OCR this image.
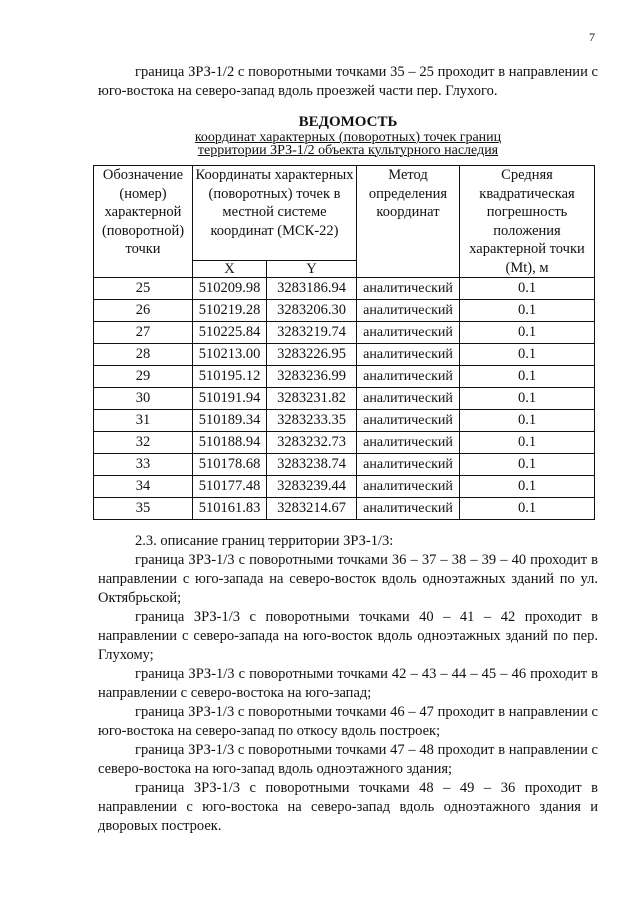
7

граница ЗРЗ-1/2 с поворотными точками 35 – 25 проходит в направлении с юго-востока на северо-запад вдоль проезжей части пер. Глухого.

ВЕДОМОСТЬ
координат характерных (поворотных) точек границ
территории ЗРЗ-1/2 объекта культурного наследия
Обозначение (номер) характерной (поворотной) точки	Координаты характерных (поворотных) точек в местной системе координат (МСК-22)		Метод определения координат	Средняя квадратическая погрешность положения характерной точки (Mt), м
	X	Y		
25	510209.98	3283186.94	аналитический	0.1
26	510219.28	3283206.30	аналитический	0.1
27	510225.84	3283219.74	аналитический	0.1
28	510213.00	3283226.95	аналитический	0.1
29	510195.12	3283236.99	аналитический	0.1
30	510191.94	3283231.82	аналитический	0.1
31	510189.34	3283233.35	аналитический	0.1
32	510188.94	3283232.73	аналитический	0.1
33	510178.68	3283238.74	аналитический	0.1
34	510177.48	3283239.44	аналитический	0.1
35	510161.83	3283214.67	аналитический	0.1

2.3. описание границ территории ЗРЗ-1/3:

граница ЗРЗ-1/3 с поворотными точками 36 – 37 – 38 – 39 – 40 проходит в направлении с юго-запада на северо-восток вдоль одноэтажных зданий по ул. Октябрьской;

граница ЗРЗ-1/3 с поворотными точками 40 – 41 – 42 проходит в направлении с северо-запада на юго-восток вдоль одноэтажных зданий по пер. Глухому;

граница ЗРЗ-1/3 с поворотными точками 42 – 43 – 44 – 45 – 46 проходит в направлении с северо-востока на юго-запад;

граница ЗРЗ-1/3 с поворотными точками 46 – 47 проходит в направлении с юго-востока на северо-запад по откосу вдоль построек;

граница ЗРЗ-1/3 с поворотными точками 47 – 48 проходит в направлении с северо-востока на юго-запад вдоль одноэтажного здания;

граница ЗРЗ-1/3 с поворотными точками 48 – 49 – 36 проходит в направлении с юго-востока на северо-запад вдоль одноэтажного здания и дворовых построек.
